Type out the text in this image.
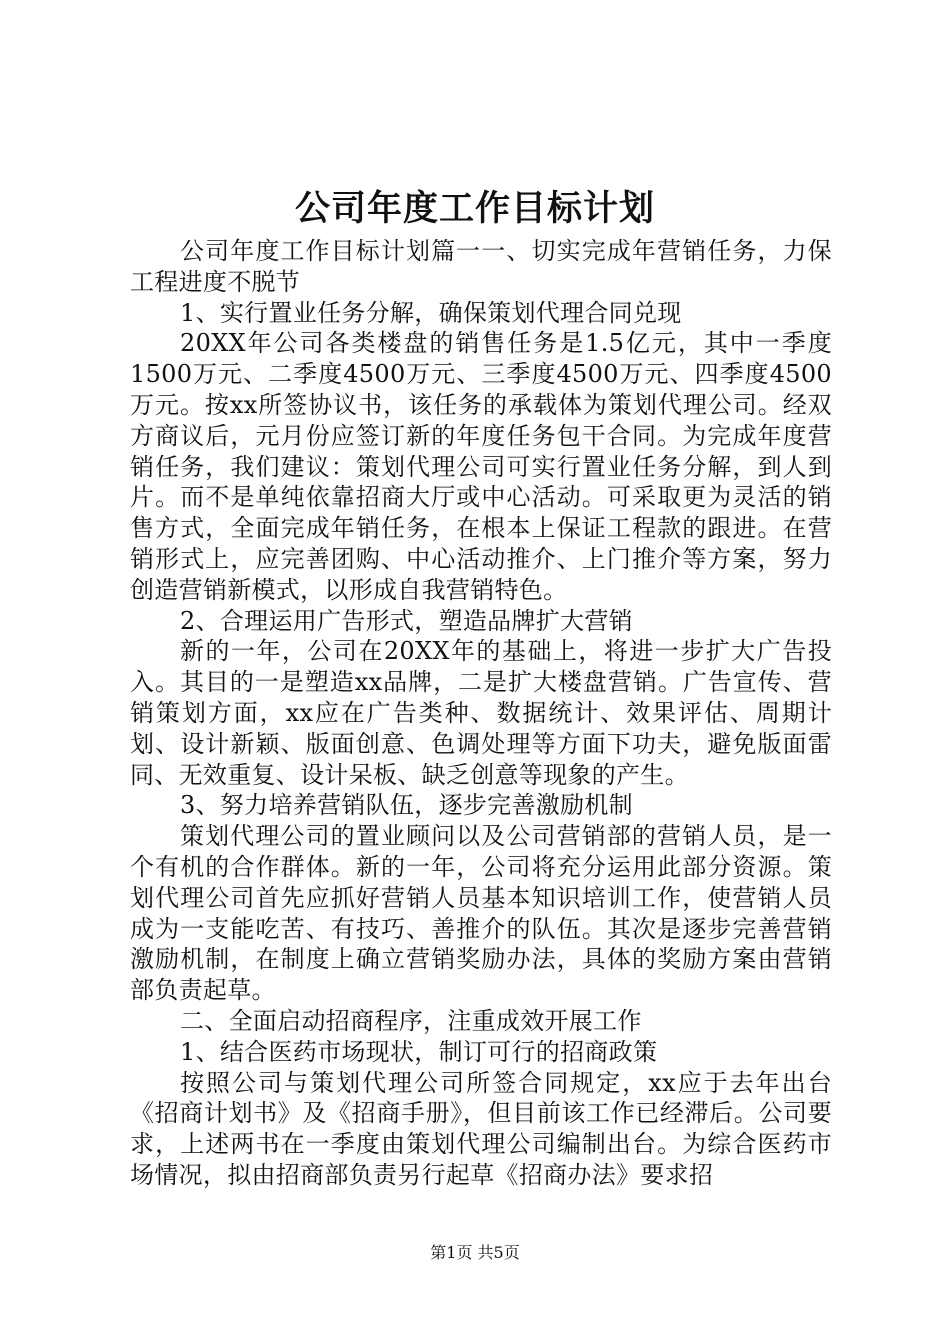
公司年度工作目标计划

公司年度工作目标计划篇一一、切实完成年营销任务，力保工程进度不脱节

1、实行置业任务分解，确保策划代理合同兑现

20XX年公司各类楼盘的销售任务是1.5亿元，其中一季度1500万元、二季度4500万元、三季度4500万元、四季度4500万元。按xx所签协议书，该任务的承载体为策划代理公司。经双方商议后，元月份应签订新的年度任务包干合同。为完成年度营销任务，我们建议：策划代理公司可实行置业任务分解，到人到片。而不是单纯依靠招商大厅或中心活动。可采取更为灵活的销售方式，全面完成年销任务，在根本上保证工程款的跟进。在营销形式上，应完善团购、中心活动推介、上门推介等方案，努力创造营销新模式，以形成自我营销特色。

2、合理运用广告形式，塑造品牌扩大营销

新的一年，公司在20XX年的基础上，将进一步扩大广告投入。其目的一是塑造xx品牌，二是扩大楼盘营销。广告宣传、营销策划方面，xx应在广告类种、数据统计、效果评估、周期计划、设计新颖、版面创意、色调处理等方面下功夫，避免版面雷同、无效重复、设计呆板、缺乏创意等现象的产生。

3、努力培养营销队伍，逐步完善激励机制

策划代理公司的置业顾问以及公司营销部的营销人员，是一个有机的合作群体。新的一年，公司将充分运用此部分资源。策划代理公司首先应抓好营销人员基本知识培训工作，使营销人员成为一支能吃苦、有技巧、善推介的队伍。其次是逐步完善营销激励机制，在制度上确立营销奖励办法，具体的奖励方案由营销部负责起草。

二、全面启动招商程序，注重成效开展工作

1、结合医药市场现状，制订可行的招商政策

按照公司与策划代理公司所签合同规定，xx应于去年出台《招商计划书》及《招商手册》，但目前该工作已经滞后。公司要求，上述两书在一季度由策划代理公司编制出台。为综合医药市场情况，拟由招商部负责另行起草《招商办法》要求招

第1页 共5页
